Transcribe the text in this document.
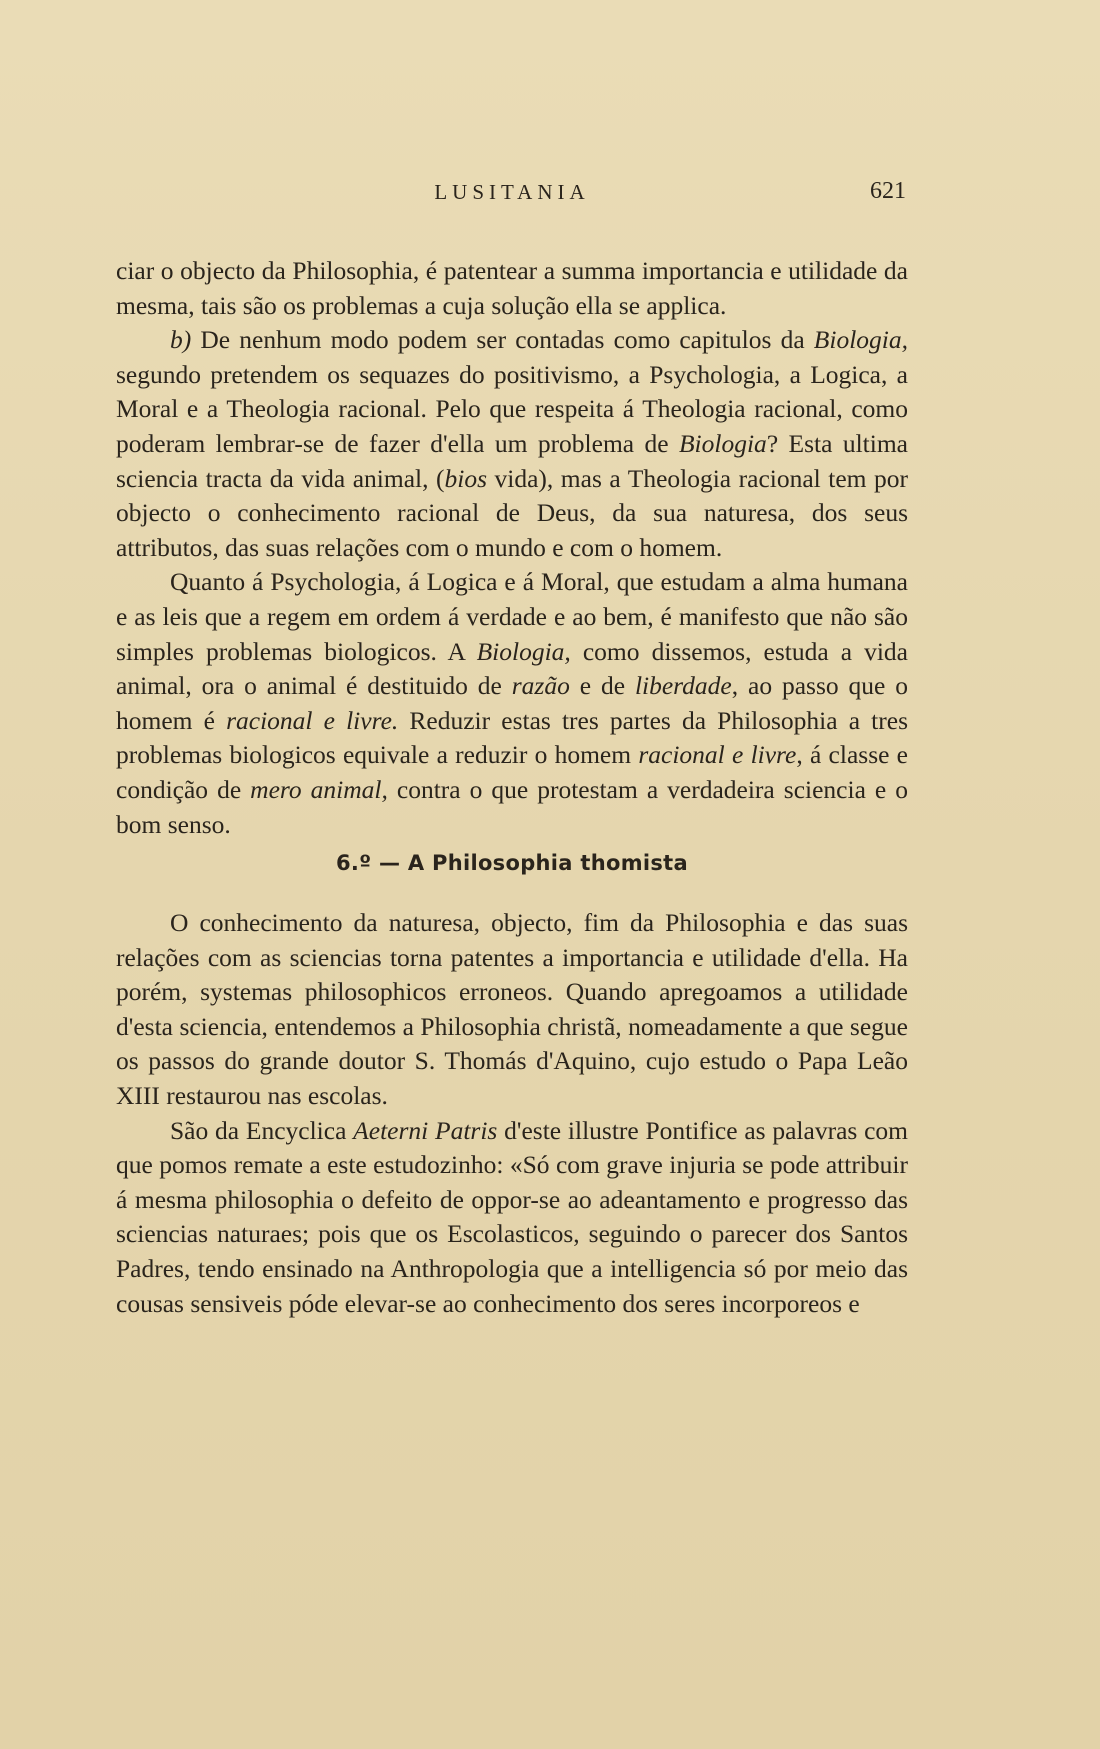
LUSITANIA	621

ciar o objecto da Philosophia, é patentear a summa importancia e utilidade da mesma, tais são os problemas a cuja solução ella se applica.

b) De nenhum modo podem ser contadas como capitulos da Biologia, segundo pretendem os sequazes do positivismo, a Psychologia, a Logica, a Moral e a Theologia racional. Pelo que respeita á Theologia racional, como poderam lembrar-se de fazer d'ella um problema de Biologia? Esta ultima sciencia tracta da vida animal, (bios vida), mas a Theologia racional tem por objecto o conhecimento racional de Deus, da sua naturesa, dos seus attributos, das suas relações com o mundo e com o homem.

Quanto á Psychologia, á Logica e á Moral, que estudam a alma humana e as leis que a regem em ordem á verdade e ao bem, é manifesto que não são simples problemas biologicos. A Biologia, como dissemos, estuda a vida animal, ora o animal é destituido de razão e de liberdade, ao passo que o homem é racional e livre. Reduzir estas tres partes da Philosophia a tres problemas biologicos equivale a reduzir o homem racional e livre, á classe e condição de mero animal, contra o que protestam a verdadeira sciencia e o bom senso.

6.º — A Philosophia thomista

O conhecimento da naturesa, objecto, fim da Philosophia e das suas relações com as sciencias torna patentes a importancia e utilidade d'ella. Ha porém, systemas philosophicos erroneos. Quando apregoamos a utilidade d'esta sciencia, entendemos a Philosophia christã, nomeadamente a que segue os passos do grande doutor S. Thomás d'Aquino, cujo estudo o Papa Leão XIII restaurou nas escolas.

São da Encyclica Aeterni Patris d'este illustre Pontifice as palavras com que pomos remate a este estudozinho: «Só com grave injuria se pode attribuir á mesma philosophia o defeito de oppor-se ao adeantamento e progresso das sciencias naturaes; pois que os Escolasticos, seguindo o parecer dos Santos Padres, tendo ensinado na Anthropologia que a intelligencia só por meio das cousas sensiveis póde elevar-se ao conhecimento dos seres incorporeos e
